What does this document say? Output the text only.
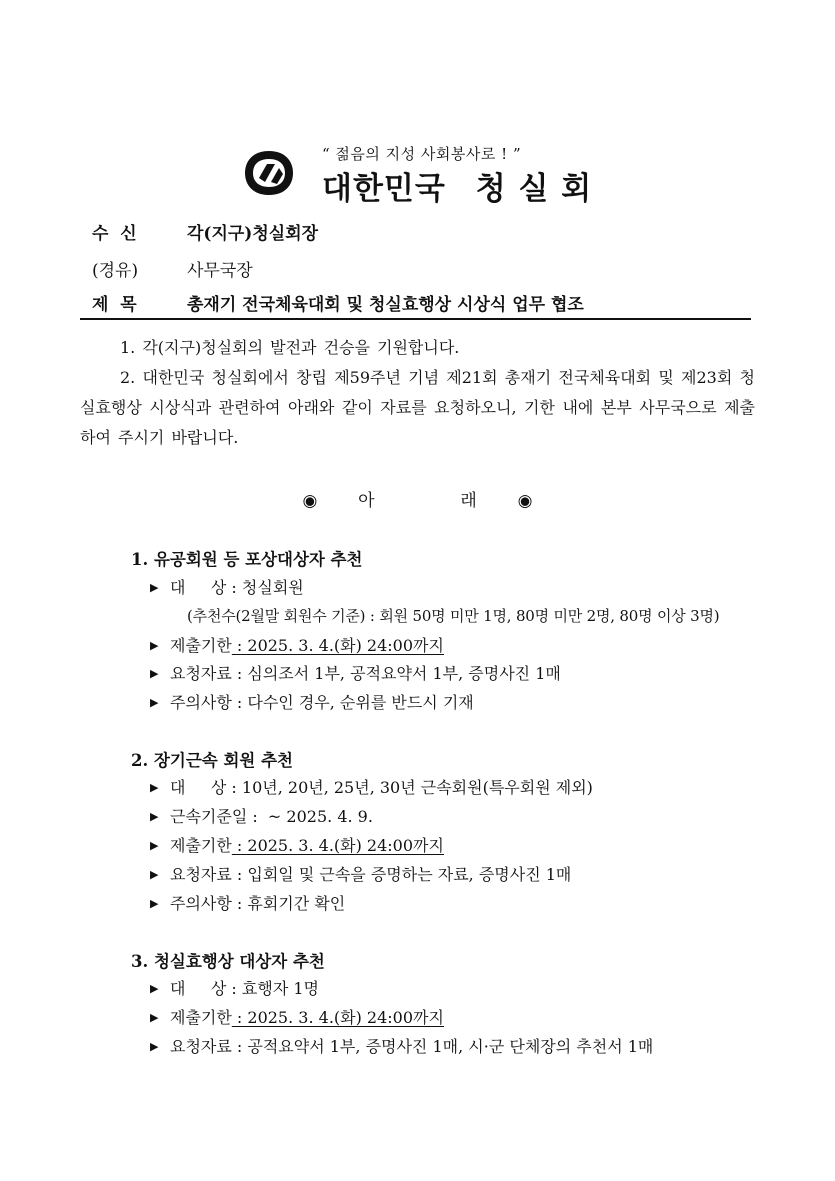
“ 젊음의 지성 사회봉사로 ! ”
대한민국 청 실 회
수  신	각(지구)청실회장
(경유)	사무국장
제  목	총재기 전국체육대회 및 청실효행상 시상식 업무 협조
1. 각(지구)청실회의 발전과 건승을 기원합니다.
2. 대한민국 청실회에서 창립 제59주년 기념 제21회 총재기 전국체육대회 및 제23회 청실효행상 시상식과 관련하여 아래와 같이 자료를 요청하오니, 기한 내에 본부 사무국으로 제출하여 주시기 바랍니다.
◉ 아	래 ◉
1. 유공회원 등 포상대상자 추천
▶ 대     상 : 청실회원
(추천수(2월말 회원수 기준) : 회원 50명 미만 1명, 80명 미만 2명, 80명 이상 3명)
▶ 제출기한 : 2025. 3. 4.(화) 24:00까지
▶ 요청자료 : 심의조서 1부, 공적요약서 1부, 증명사진 1매
▶ 주의사항 : 다수인 경우, 순위를 반드시 기재
2. 장기근속 회원 추천
▶ 대     상 : 10년, 20년, 25년, 30년 근속회원(특우회원 제외)
▶ 근속기준일 :  ~ 2025. 4. 9.
▶ 제출기한 : 2025. 3. 4.(화) 24:00까지
▶ 요청자료 : 입회일 및 근속을 증명하는 자료, 증명사진 1매
▶ 주의사항 : 휴회기간 확인
3. 청실효행상 대상자 추천
▶ 대     상 : 효행자 1명
▶ 제출기한 : 2025. 3. 4.(화) 24:00까지
▶ 요청자료 : 공적요약서 1부, 증명사진 1매, 시·군 단체장의 추천서 1매
